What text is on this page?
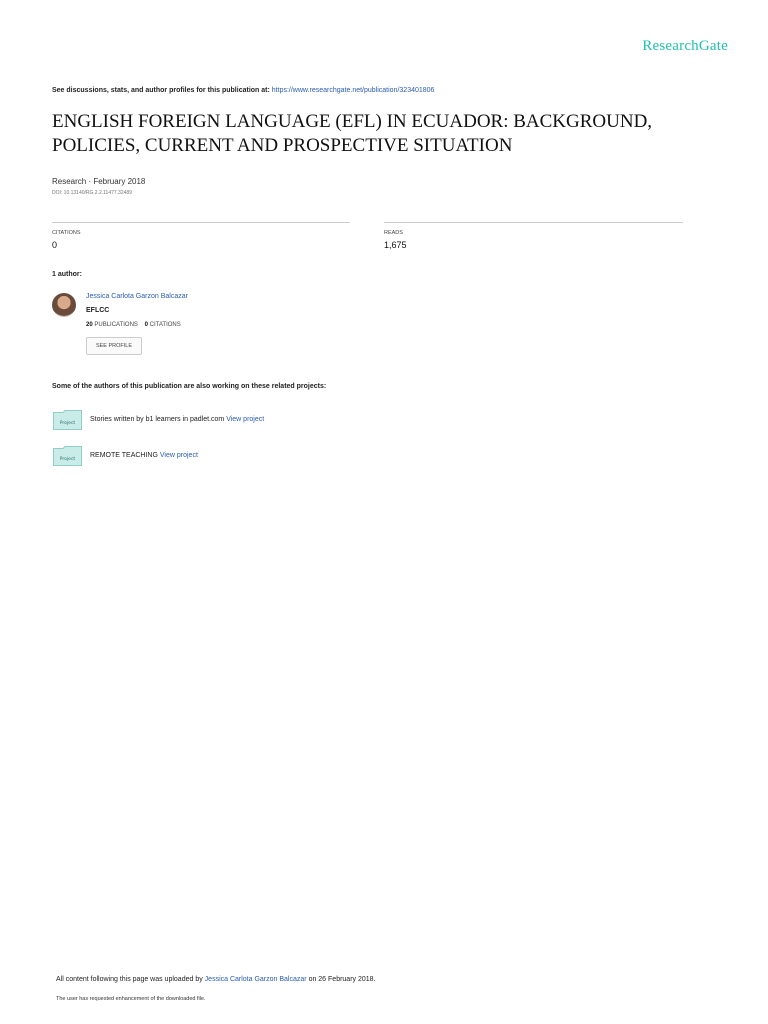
ResearchGate
See discussions, stats, and author profiles for this publication at: https://www.researchgate.net/publication/323401806
ENGLISH FOREIGN LANGUAGE (EFL) IN ECUADOR: BACKGROUND, POLICIES, CURRENT AND PROSPECTIVE SITUATION
Research · February 2018
DOI: 10.13140/RG.2.2.11477.32489
CITATIONS
0
READS
1,675
1 author:
Jessica Carlota Garzon Balcazar
EFLCC
20 PUBLICATIONS 0 CITATIONS
SEE PROFILE
Some of the authors of this publication are also working on these related projects:
Project
Stories written by b1 learners in padlet.com View project
Project
REMOTE TEACHING View project
All content following this page was uploaded by Jessica Carlota Garzon Balcazar on 26 February 2018.
The user has requested enhancement of the downloaded file.
